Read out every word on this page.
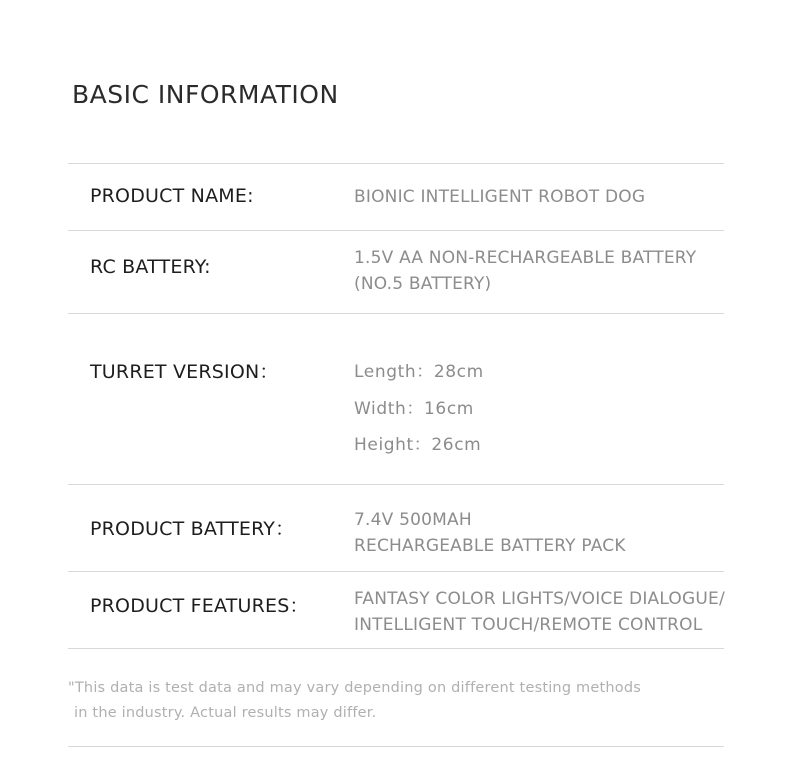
BASIC INFORMATION
PRODUCT NAME:	BIONIC INTELLIGENT ROBOT DOG
RC BATTERY:	1.5V AA NON-RECHARGEABLE BATTERY
(NO.5 BATTERY)
TURRET VERSION：	Length：28cm
Width：16cm
Height：26cm
PRODUCT BATTERY：	7.4V 500MAH
RECHARGEABLE BATTERY PACK
PRODUCT FEATURES：	FANTASY COLOR LIGHTS/VOICE DIALOGUE/
INTELLIGENT TOUCH/REMOTE CONTROL
"This data is test data and may vary depending on different testing methods
in the industry. Actual results may differ.
